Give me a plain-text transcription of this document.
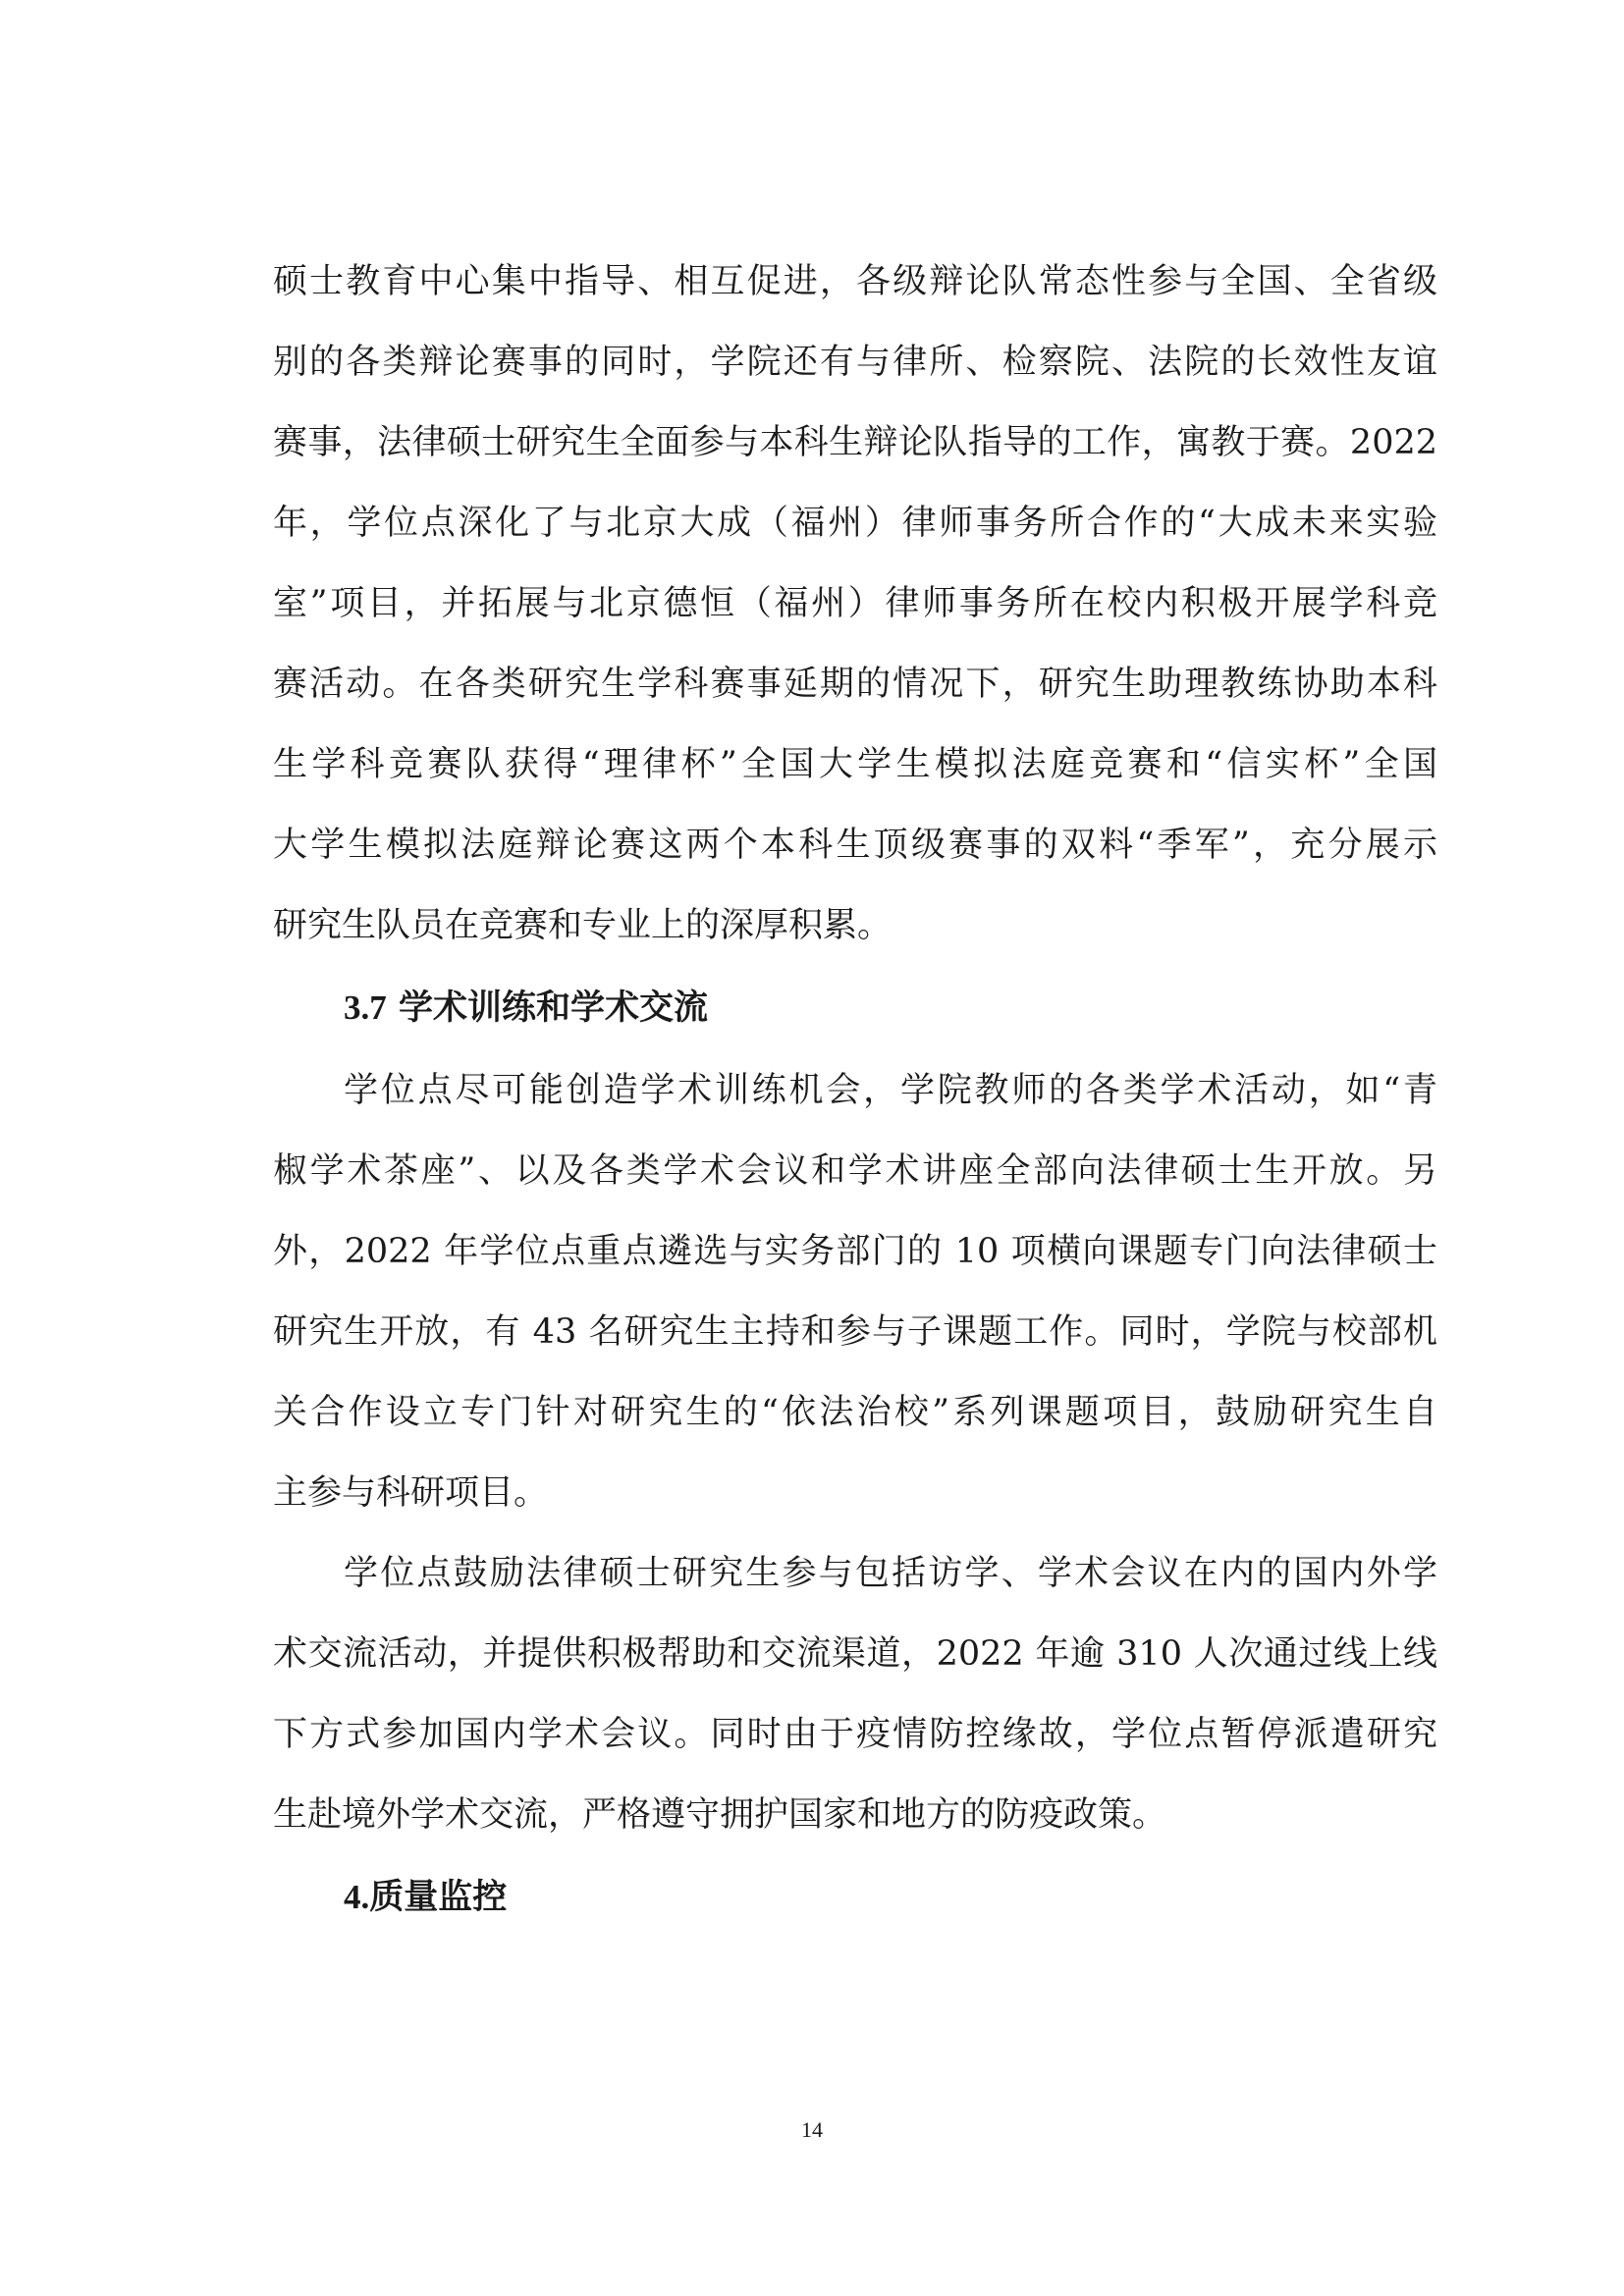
硕士教育中心集中指导、相互促进，各级辩论队常态性参与全国、全省级
别的各类辩论赛事的同时，学院还有与律所、检察院、法院的长效性友谊
赛事，法律硕士研究生全面参与本科生辩论队指导的工作，寓教于赛。2022
年，学位点深化了与北京大成（福州）律师事务所合作的“大成未来实验
室”项目，并拓展与北京德恒（福州）律师事务所在校内积极开展学科竞
赛活动。在各类研究生学科赛事延期的情况下，研究生助理教练协助本科
生学科竞赛队获得“理律杯”全国大学生模拟法庭竞赛和“信实杯”全国
大学生模拟法庭辩论赛这两个本科生顶级赛事的双料“季军”，充分展示
研究生队员在竞赛和专业上的深厚积累。
3.7 学术训练和学术交流
学位点尽可能创造学术训练机会，学院教师的各类学术活动，如“青
椒学术茶座”、以及各类学术会议和学术讲座全部向法律硕士生开放。另
外，2022 年学位点重点遴选与实务部门的 10 项横向课题专门向法律硕士
研究生开放，有 43 名研究生主持和参与子课题工作。同时，学院与校部机
关合作设立专门针对研究生的“依法治校”系列课题项目，鼓励研究生自
主参与科研项目。
学位点鼓励法律硕士研究生参与包括访学、学术会议在内的国内外学
术交流活动，并提供积极帮助和交流渠道，2022 年逾 310 人次通过线上线
下方式参加国内学术会议。同时由于疫情防控缘故，学位点暂停派遣研究
生赴境外学术交流，严格遵守拥护国家和地方的防疫政策。
4.质量监控
14
